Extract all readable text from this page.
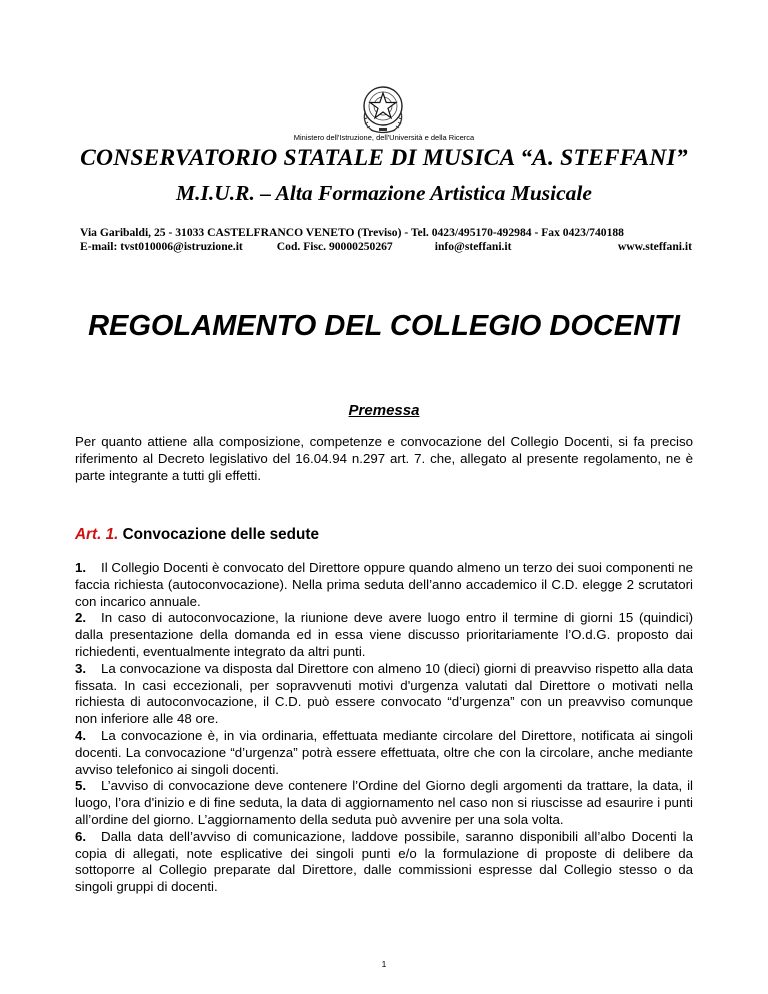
Ministero dell'Istruzione, dell'Università e della Ricerca
CONSERVATORIO STATALE DI MUSICA “A. STEFFANI”
M.I.U.R. – Alta Formazione Artistica Musicale
Via Garibaldi, 25 - 31033 CASTELFRANCO VENETO (Treviso) - Tel. 0423/495170-492984 - Fax 0423/740188
E-mail: tvst010006@istruzione.it	Cod. Fisc. 90000250267	info@steffani.it	www.steffani.it
REGOLAMENTO DEL COLLEGIO DOCENTI
Premessa

Per quanto attiene alla composizione, competenze e convocazione del Collegio Docenti, si fa preciso riferimento al Decreto legislativo del 16.04.94 n.297 art. 7. che, allegato al presente regolamento, ne è parte integrante a tutti gli effetti.

Art. 1. Convocazione delle sedute

1. Il Collegio Docenti è convocato del Direttore oppure quando almeno un terzo dei suoi componenti ne faccia richiesta (autoconvocazione). Nella prima seduta dell’anno accademico il C.D. elegge 2 scrutatori con incarico annuale.

2. In caso di autoconvocazione, la riunione deve avere luogo entro il termine di giorni 15 (quindici) dalla presentazione della domanda ed in essa viene discusso prioritariamente l’O.d.G. proposto dai richiedenti, eventualmente integrato da altri punti.

3. La convocazione va disposta dal Direttore con almeno 10 (dieci) giorni di preavviso rispetto alla data fissata. In casi eccezionali, per sopravvenuti motivi d'urgenza valutati dal Direttore o motivati nella richiesta di autoconvocazione, il C.D. può essere convocato “d’urgenza” con un preavviso comunque non inferiore alle 48 ore.

4. La convocazione è, in via ordinaria, effettuata mediante circolare del Direttore, notificata ai singoli docenti. La convocazione “d’urgenza” potrà essere effettuata, oltre che con la circolare, anche mediante avviso telefonico ai singoli docenti.

5. L’avviso di convocazione deve contenere l’Ordine del Giorno degli argomenti da trattare, la data, il luogo, l’ora d'inizio e di fine seduta, la data di aggiornamento nel caso non si riuscisse ad esaurire i punti all’ordine del giorno. L’aggiornamento della seduta può avvenire per una sola volta.

6. Dalla data dell’avviso di comunicazione, laddove possibile, saranno disponibili all’albo Docenti la copia di allegati, note esplicative dei singoli punti e/o la formulazione di proposte di delibere da sottoporre al Collegio preparate dal Direttore, dalle commissioni espresse dal Collegio stesso o da singoli gruppi di docenti.

1
